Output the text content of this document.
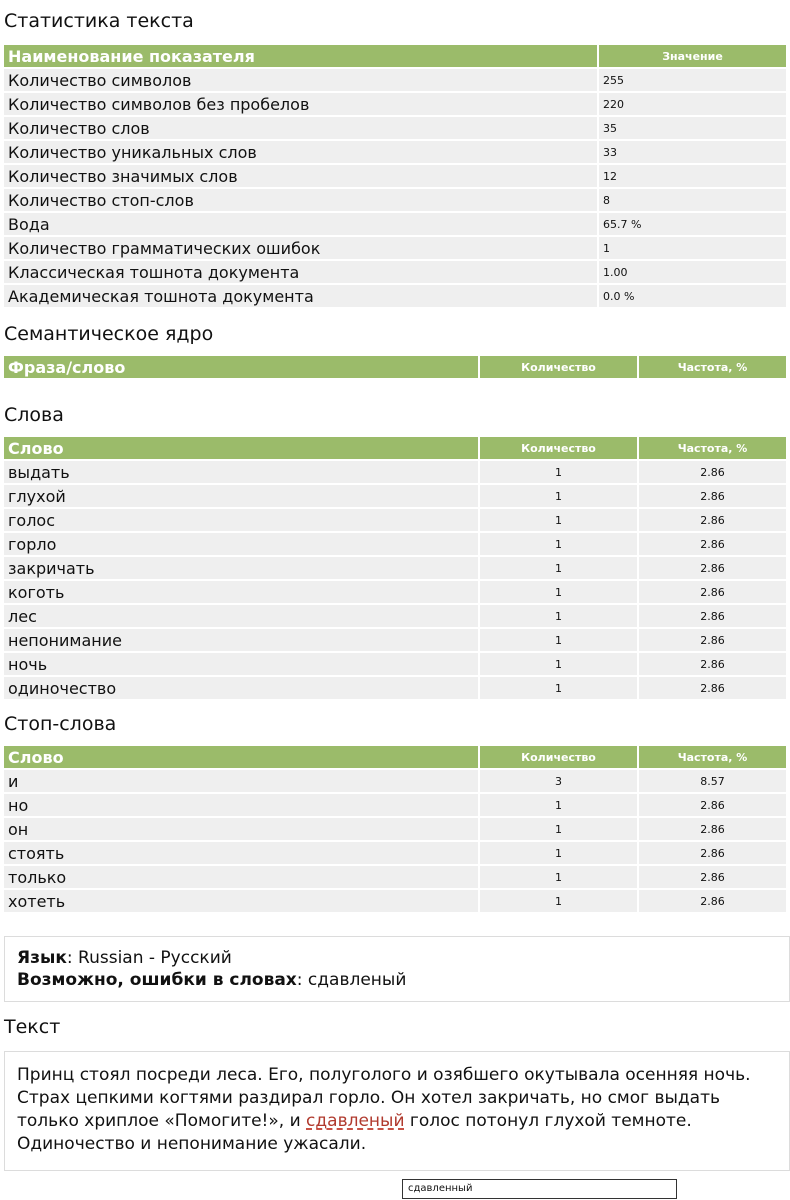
Статистика текста
Наименование показателя	Значение
Количество символов	255
Количество символов без пробелов	220
Количество слов	35
Количество уникальных слов	33
Количество значимых слов	12
Количество стоп-слов	8
Вода	65.7 %
Количество грамматических ошибок	1
Классическая тошнота документа	1.00
Академическая тошнота документа	0.0 %
Семантическое ядро
Фраза/слово	Количество	Частота, %
Слова
Слово	Количество	Частота, %
выдать	1	2.86
глухой	1	2.86
голос	1	2.86
горло	1	2.86
закричать	1	2.86
коготь	1	2.86
лес	1	2.86
непонимание	1	2.86
ночь	1	2.86
одиночество	1	2.86
Стоп-слова
Слово	Количество	Частота, %
и	3	8.57
но	1	2.86
он	1	2.86
стоять	1	2.86
только	1	2.86
хотеть	1	2.86
Язык: Russian - Русский
Возможно, ошибки в словах: сдавленый
Текст
Принц стоял посреди леса. Его, полуголого и озябшего окутывала осенняя ночь. Страх цепкими когтями раздирал горло. Он хотел закричать, но смог выдать только хриплое «Помогите!», и сдавленый голос потонул глухой темноте. Одиночество и непонимание ужасали.
сдавленный
